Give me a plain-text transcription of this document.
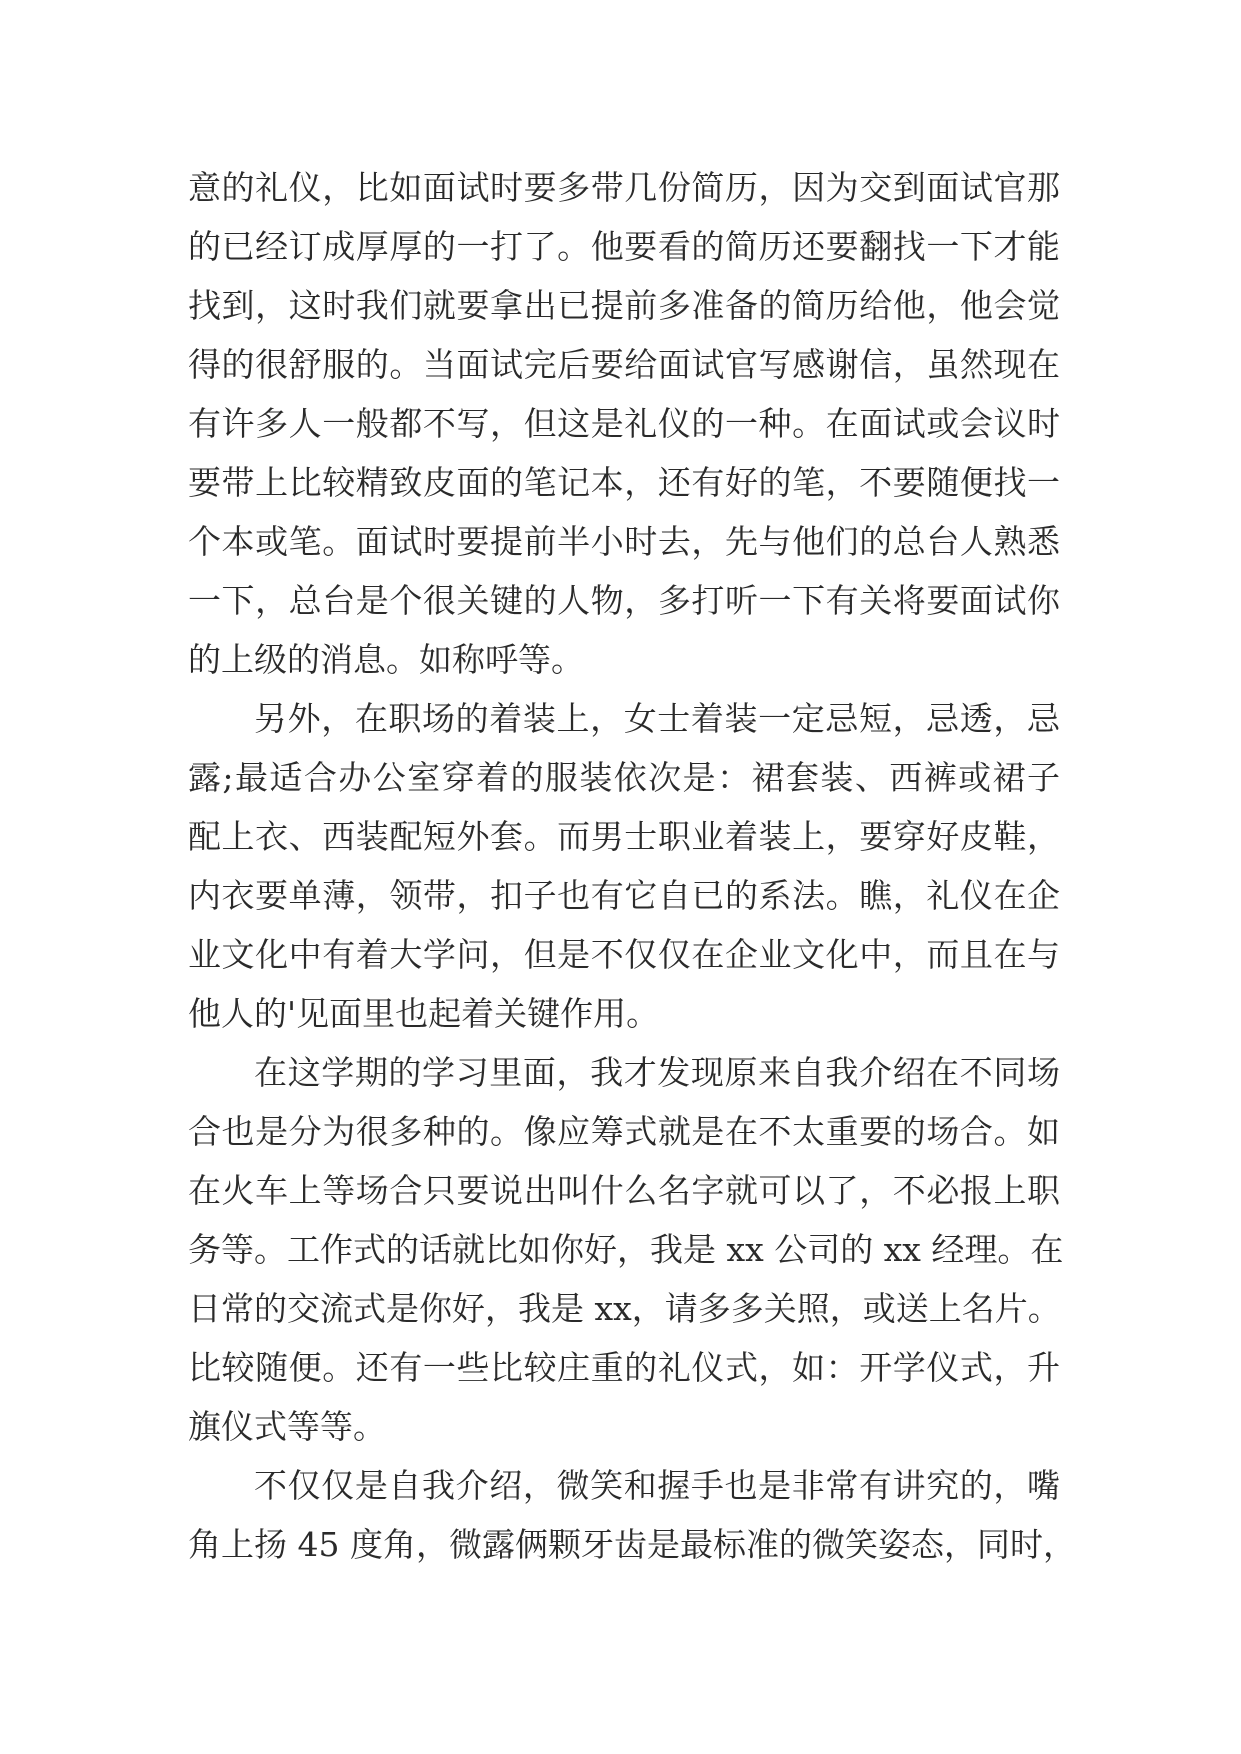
意的礼仪，比如面试时要多带几份简历，因为交到面试官那
的已经订成厚厚的一打了。他要看的简历还要翻找一下才能
找到，这时我们就要拿出已提前多准备的简历给他，他会觉
得的很舒服的。当面试完后要给面试官写感谢信，虽然现在
有许多人一般都不写，但这是礼仪的一种。在面试或会议时
要带上比较精致皮面的笔记本，还有好的笔，不要随便找一
个本或笔。面试时要提前半小时去，先与他们的总台人熟悉
一下，总台是个很关键的人物，多打听一下有关将要面试你
的上级的消息。如称呼等。
另外，在职场的着装上，女士着装一定忌短，忌透，忌
露;最适合办公室穿着的服装依次是：裙套装、西裤或裙子
配上衣、西装配短外套。而男士职业着装上，要穿好皮鞋，
内衣要单薄，领带，扣子也有它自已的系法。瞧，礼仪在企
业文化中有着大学问，但是不仅仅在企业文化中，而且在与
他人的'见面里也起着关键作用。
在这学期的学习里面，我才发现原来自我介绍在不同场
合也是分为很多种的。像应筹式就是在不太重要的场合。如
在火车上等场合只要说出叫什么名字就可以了，不必报上职
务等。工作式的话就比如你好，我是 xx 公司的 xx 经理。在
日常的交流式是你好，我是 xx，请多多关照，或送上名片。
比较随便。还有一些比较庄重的礼仪式，如：开学仪式，升
旗仪式等等。
不仅仅是自我介绍，微笑和握手也是非常有讲究的，嘴
角上扬 45 度角，微露俩颗牙齿是最标准的微笑姿态，同时，
